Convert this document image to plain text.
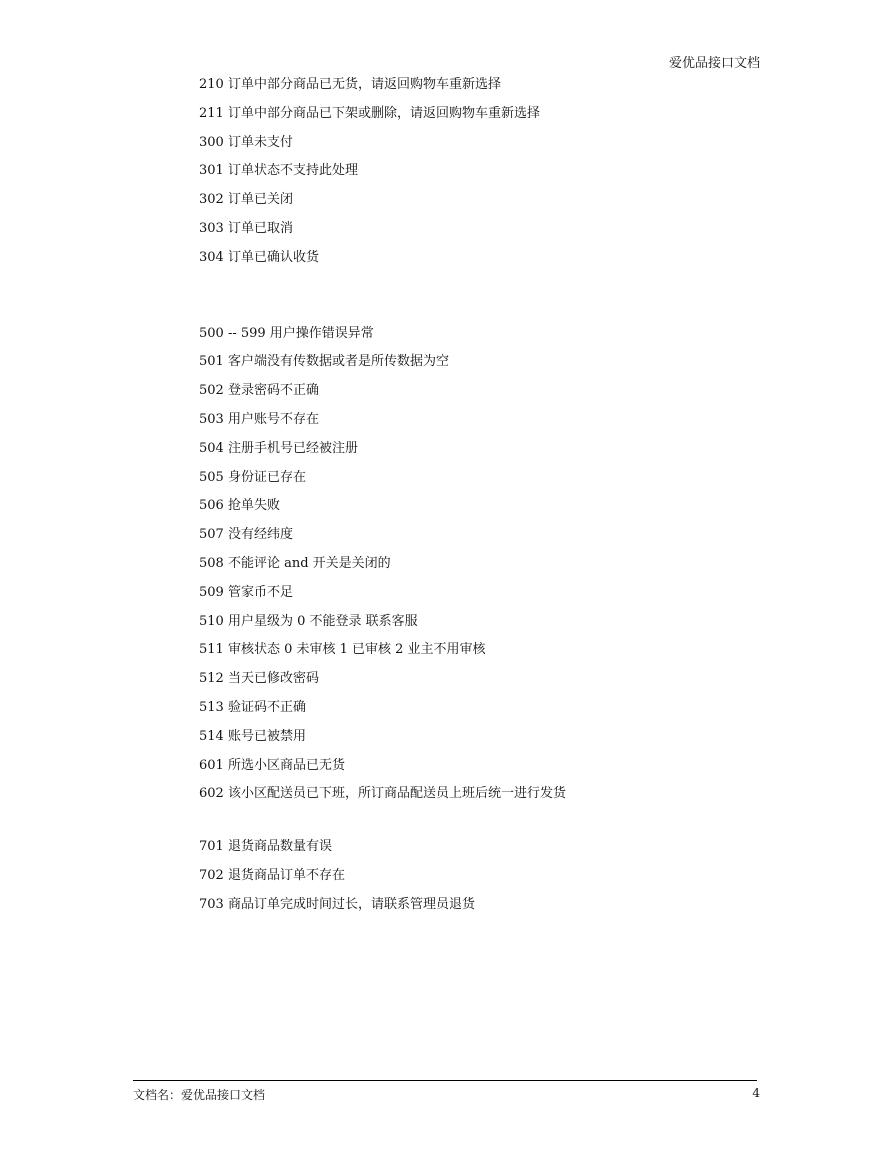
爱优品接口文档
210 订单中部分商品已无货，请返回购物车重新选择
211 订单中部分商品已下架或删除，请返回购物车重新选择
300 订单未支付
301 订单状态不支持此处理
302 订单已关闭
303 订单已取消
304 订单已确认收货
500 -- 599 用户操作错误异常
501 客户端没有传数据或者是所传数据为空
502 登录密码不正确
503 用户账号不存在
504 注册手机号已经被注册
505 身份证已存在
506 抢单失败
507 没有经纬度
508 不能评论 and 开关是关闭的
509 管家币不足
510 用户星级为 0 不能登录 联系客服
511 审核状态 0 未审核 1 已审核 2 业主不用审核
512 当天已修改密码
513 验证码不正确
514 账号已被禁用
601 所选小区商品已无货
602 该小区配送员已下班，所订商品配送员上班后统一进行发货
701 退货商品数量有误
702 退货商品订单不存在
703 商品订单完成时间过长，请联系管理员退货
文档名：爱优品接口文档	4
